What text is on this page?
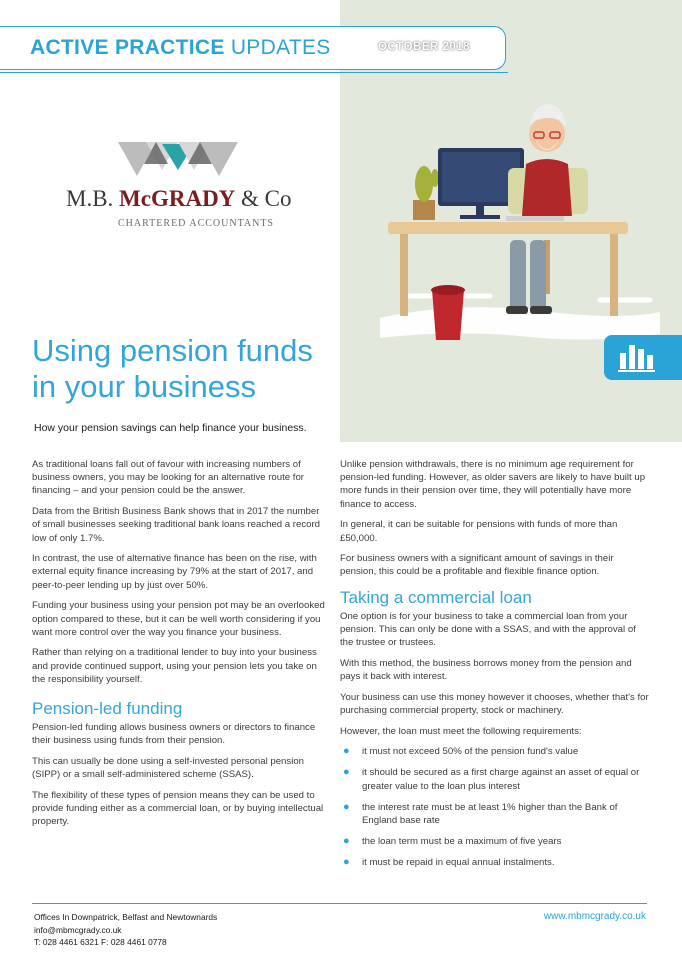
ACTIVE PRACTICE UPDATES	OCTOBER 2018
M.B. McGRADY & Co
CHARTERED ACCOUNTANTS
Using pension funds
in your business
How your pension savings can help finance your business.

As traditional loans fall out of favour with increasing numbers of business owners, you may be looking for an alternative route for financing – and your pension could be the answer.

Data from the British Business Bank shows that in 2017 the number of small businesses seeking traditional bank loans reached a record low of only 1.7%.

In contrast, the use of alternative finance has been on the rise, with external equity finance increasing by 79% at the start of 2017, and peer-to-peer lending up by just over 50%.

Funding your business using your pension pot may be an overlooked option compared to these, but it can be well worth considering if you want more control over the way you finance your business.

Rather than relying on a traditional lender to buy into your business and provide continued support, using your pension lets you take on the responsibility yourself.

Pension-led funding

Pension-led funding allows business owners or directors to finance their business using funds from their pension.

This can usually be done using a self-invested personal pension (SIPP) or a small self-administered scheme (SSAS).

The flexibility of these types of pension means they can be used to provide funding either as a commercial loan, or by buying intellectual property.

Unlike pension withdrawals, there is no minimum age requirement for pension-led funding. However, as older savers are likely to have built up more funds in their pension over time, they will potentially have more finance to access.

In general, it can be suitable for pensions with funds of more than £50,000.

For business owners with a significant amount of savings in their pension, this could be a profitable and flexible finance option.

Taking a commercial loan

One option is for your business to take a commercial loan from your pension. This can only be done with a SSAS, and with the approval of the trustee or trustees.

With this method, the business borrows money from the pension and pays it back with interest.

Your business can use this money however it chooses, whether that's for purchasing commercial property, stock or machinery.

However, the loan must meet the following requirements:

● it must not exceed 50% of the pension fund's value
● it should be secured as a first charge against an asset of equal or greater value to the loan plus interest
● the interest rate must be at least 1% higher than the Bank of England base rate
● the loan term must be a maximum of five years
● it must be repaid in equal annual instalments.
Offices In Downpatrick, Belfast and Newtownards
info@mbmcgrady.co.uk
T: 028 4461 6321 F: 028 4461 0778
www.mbmcgrady.co.uk
